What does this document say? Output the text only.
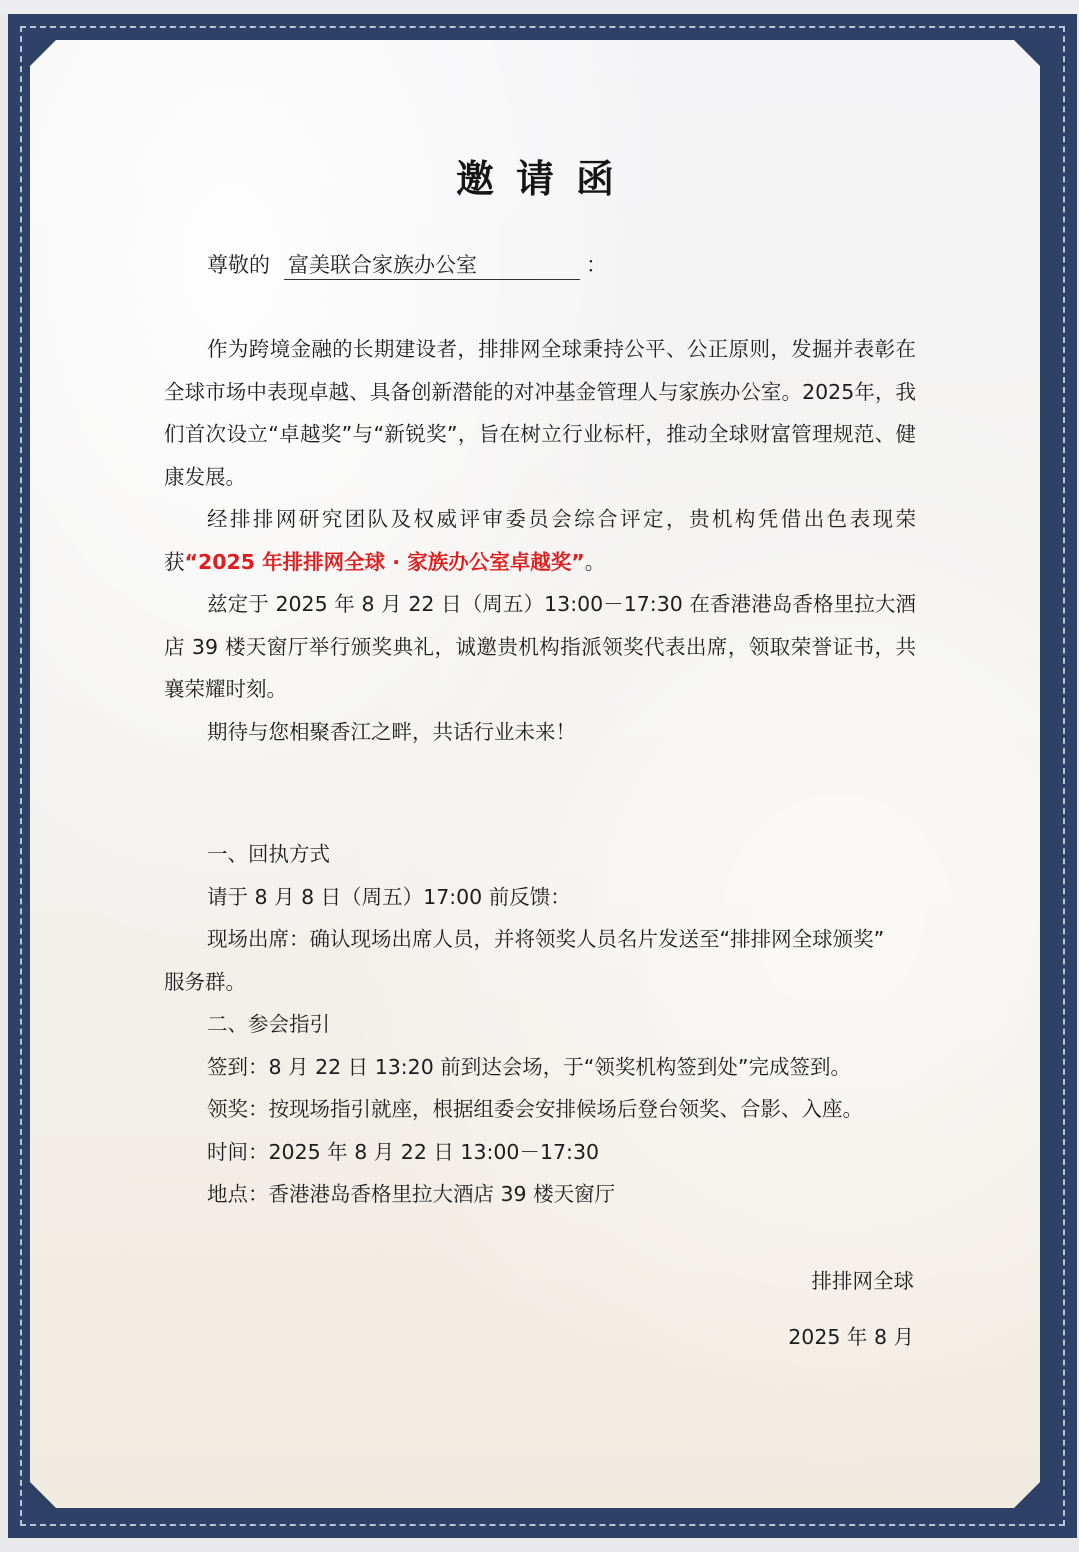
邀请函
尊敬的 富美联合家族办公室	：

作为跨境金融的长期建设者，排排网全球秉持公平、公正原则，发掘并表彰在全球市场中表现卓越、具备创新潜能的对冲基金管理人与家族办公室。2025年，我们首次设立“卓越奖”与“新锐奖”，旨在树立行业标杆，推动全球财富管理规范、健康发展。

经排排网研究团队及权威评审委员会综合评定，贵机构凭借出色表现荣获“2025 年排排网全球 · 家族办公室卓越奖”。

兹定于 2025 年 8 月 22 日（周五）13:00－17:30 在香港港岛香格里拉大酒店 39 楼天窗厅举行颁奖典礼，诚邀贵机构指派领奖代表出席，领取荣誉证书，共襄荣耀时刻。

期待与您相聚香江之畔，共话行业未来！

一、回执方式

请于 8 月 8 日（周五）17:00 前反馈：

现场出席：确认现场出席人员，并将领奖人员名片发送至“排排网全球颁奖”

服务群。

二、参会指引

签到：8 月 22 日 13:20 前到达会场，于“领奖机构签到处”完成签到。

领奖：按现场指引就座，根据组委会安排候场后登台领奖、合影、入座。

时间：2025 年 8 月 22 日 13:00－17:30

地点：香港港岛香格里拉大酒店 39 楼天窗厅

排排网全球
2025 年 8 月
